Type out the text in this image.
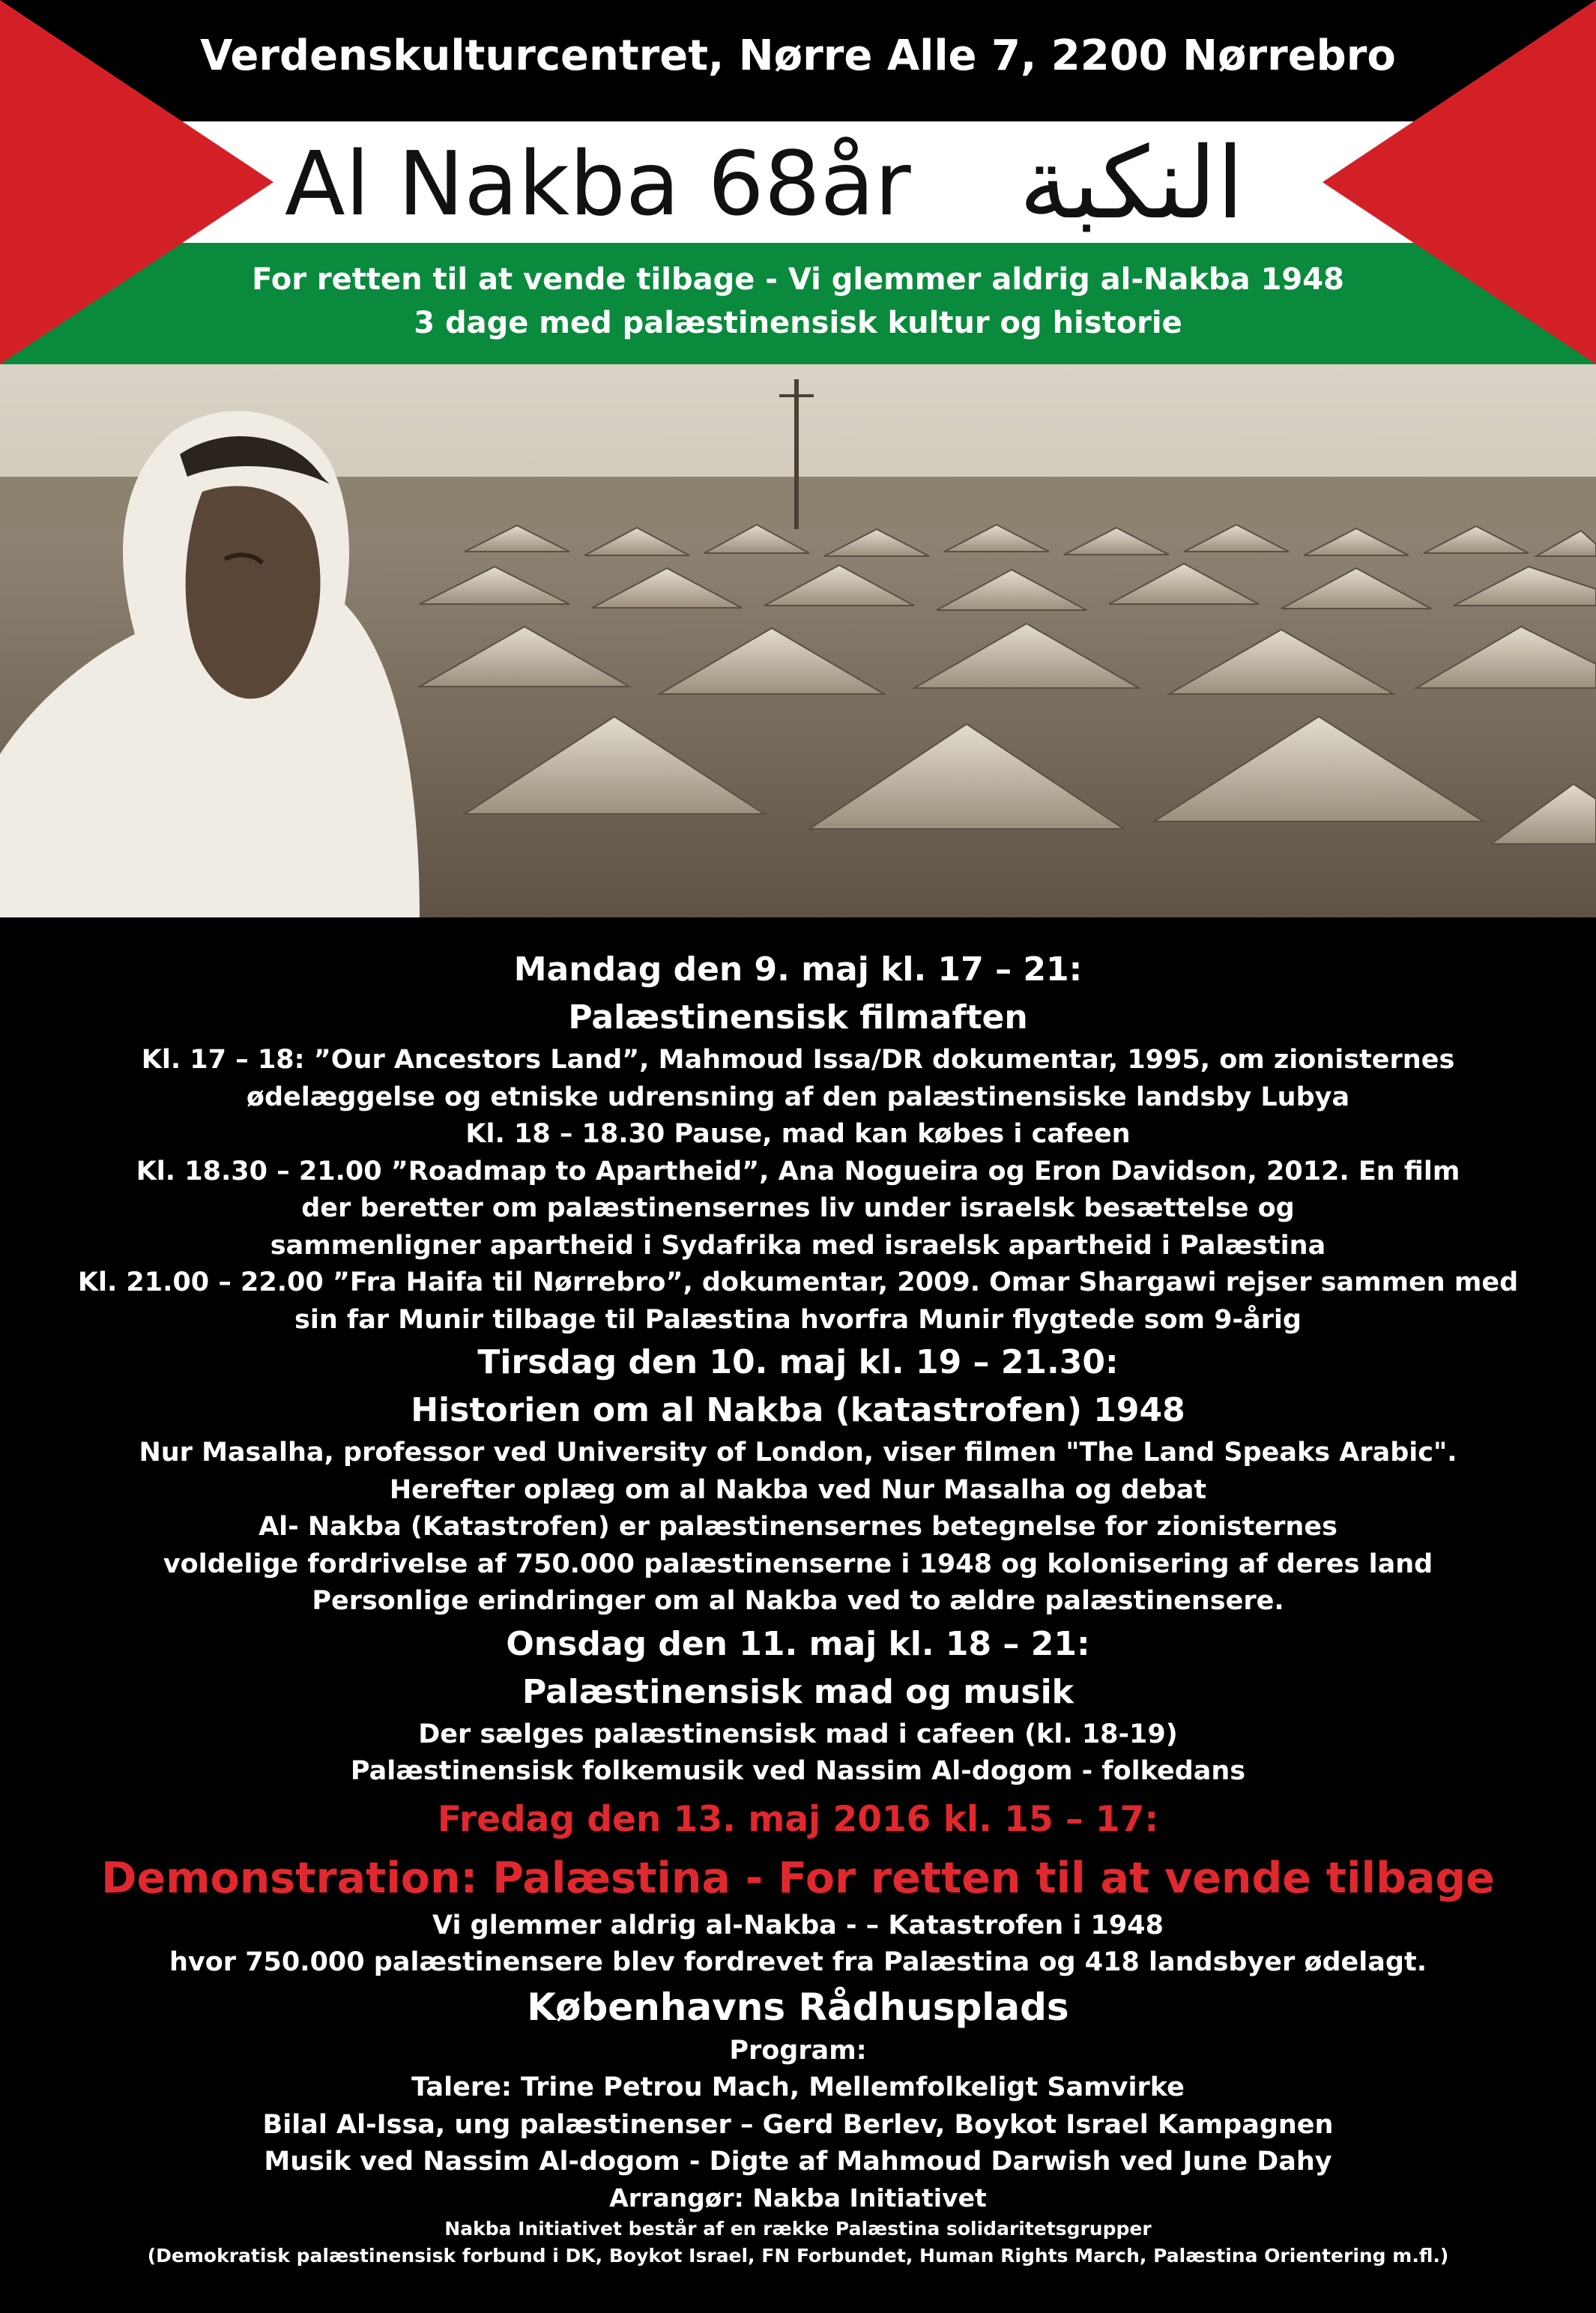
Verdenskulturcentret, Nørre Alle 7, 2200 Nørrebro
Al Nakba 68år النكبة
For retten til at vende tilbage - Vi glemmer aldrig al-Nakba 1948
3 dage med palæstinensisk kultur og historie

Mandag den 9. maj kl. 17 – 21:

Palæstinensisk filmaften

Kl. 17 – 18: ”Our Ancestors Land”, Mahmoud Issa/DR dokumentar, 1995, om zionisternes

ødelæggelse og etniske udrensning af den palæstinensiske landsby Lubya

Kl. 18 – 18.30 Pause, mad kan købes i cafeen

Kl. 18.30 – 21.00 ”Roadmap to Apartheid”, Ana Nogueira og Eron Davidson, 2012. En film

der beretter om palæstinensernes liv under israelsk besættelse og

sammenligner apartheid i Sydafrika med israelsk apartheid i Palæstina

Kl. 21.00 – 22.00 ”Fra Haifa til Nørrebro”, dokumentar, 2009. Omar Shargawi rejser sammen med

sin far Munir tilbage til Palæstina hvorfra Munir flygtede som 9-årig

Tirsdag den 10. maj kl. 19 – 21.30:

Historien om al Nakba (katastrofen) 1948

Nur Masalha, professor ved University of London, viser filmen "The Land Speaks Arabic".

Herefter oplæg om al Nakba ved Nur Masalha og debat

Al- Nakba (Katastrofen) er palæstinensernes betegnelse for zionisternes

voldelige fordrivelse af 750.000 palæstinenserne i 1948 og kolonisering af deres land

Personlige erindringer om al Nakba ved to ældre palæstinensere.

Onsdag den 11. maj kl. 18 – 21:

Palæstinensisk mad og musik

Der sælges palæstinensisk mad i cafeen (kl. 18-19)

Palæstinensisk folkemusik ved Nassim Al-dogom - folkedans

Fredag den 13. maj 2016 kl. 15 – 17:

Demonstration: Palæstina - For retten til at vende tilbage

Vi glemmer aldrig al-Nakba - – Katastrofen i 1948

hvor 750.000 palæstinensere blev fordrevet fra Palæstina og 418 landsbyer ødelagt.

Københavns Rådhusplads

Program:

Talere: Trine Petrou Mach, Mellemfolkeligt Samvirke

Bilal Al-Issa, ung palæstinenser – Gerd Berlev, Boykot Israel Kampagnen

Musik ved Nassim Al-dogom - Digte af Mahmoud Darwish ved June Dahy

Arrangør: Nakba Initiativet

Nakba Initiativet består af en række Palæstina solidaritetsgrupper

(Demokratisk palæstinensisk forbund i DK, Boykot Israel, FN Forbundet, Human Rights March, Palæstina Orientering m.fl.)
